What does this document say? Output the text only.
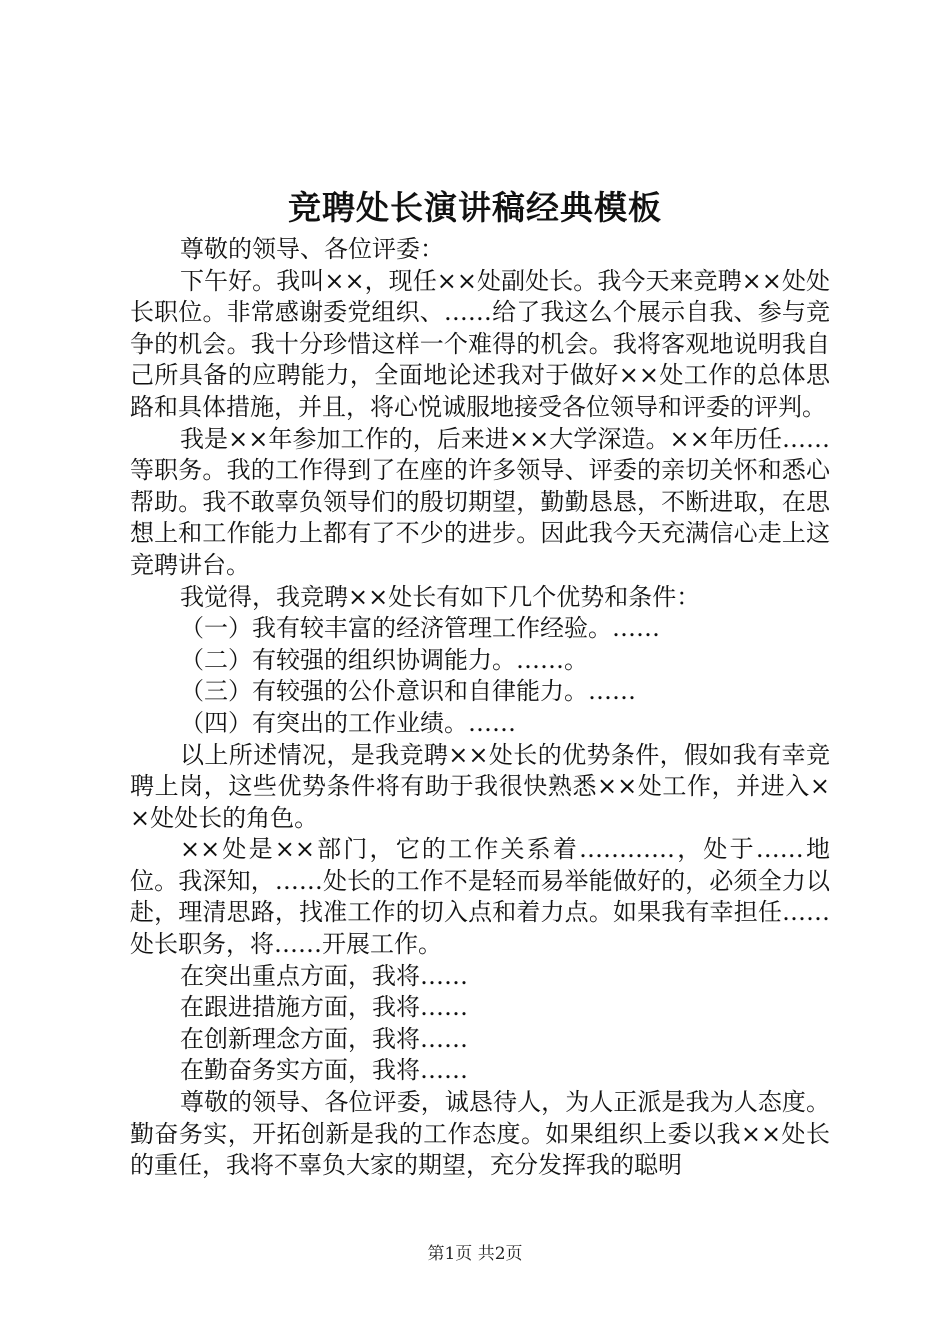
竞聘处长演讲稿经典模板

尊敬的领导、各位评委：

下午好。我叫××，现任××处副处长。我今天来竞聘××处处长职位。非常感谢委党组织、……给了我这么个展示自我、参与竞争的机会。我十分珍惜这样一个难得的机会。我将客观地说明我自己所具备的应聘能力，全面地论述我对于做好××处工作的总体思路和具体措施，并且，将心悦诚服地接受各位领导和评委的评判。

我是××年参加工作的，后来进××大学深造。××年历任……等职务。我的工作得到了在座的许多领导、评委的亲切关怀和悉心帮助。我不敢辜负领导们的殷切期望，勤勤恳恳，不断进取，在思想上和工作能力上都有了不少的进步。因此我今天充满信心走上这竞聘讲台。

我觉得，我竞聘××处长有如下几个优势和条件：

（一）我有较丰富的经济管理工作经验。……

（二）有较强的组织协调能力。……。

（三）有较强的公仆意识和自律能力。……

（四）有突出的工作业绩。……

以上所述情况，是我竞聘××处长的优势条件，假如我有幸竞聘上岗，这些优势条件将有助于我很快熟悉××处工作，并进入××处处长的角色。

××处是××部门，它的工作关系着…………，处于……地位。我深知，……处长的工作不是轻而易举能做好的，必须全力以赴，理清思路，找准工作的切入点和着力点。如果我有幸担任……处长职务，将……开展工作。

在突出重点方面，我将……

在跟进措施方面，我将……

在创新理念方面，我将……

在勤奋务实方面，我将……

尊敬的领导、各位评委，诚恳待人，为人正派是我为人态度。勤奋务实，开拓创新是我的工作态度。如果组织上委以我××处长的重任，我将不辜负大家的期望，充分发挥我的聪明

第1页 共2页
